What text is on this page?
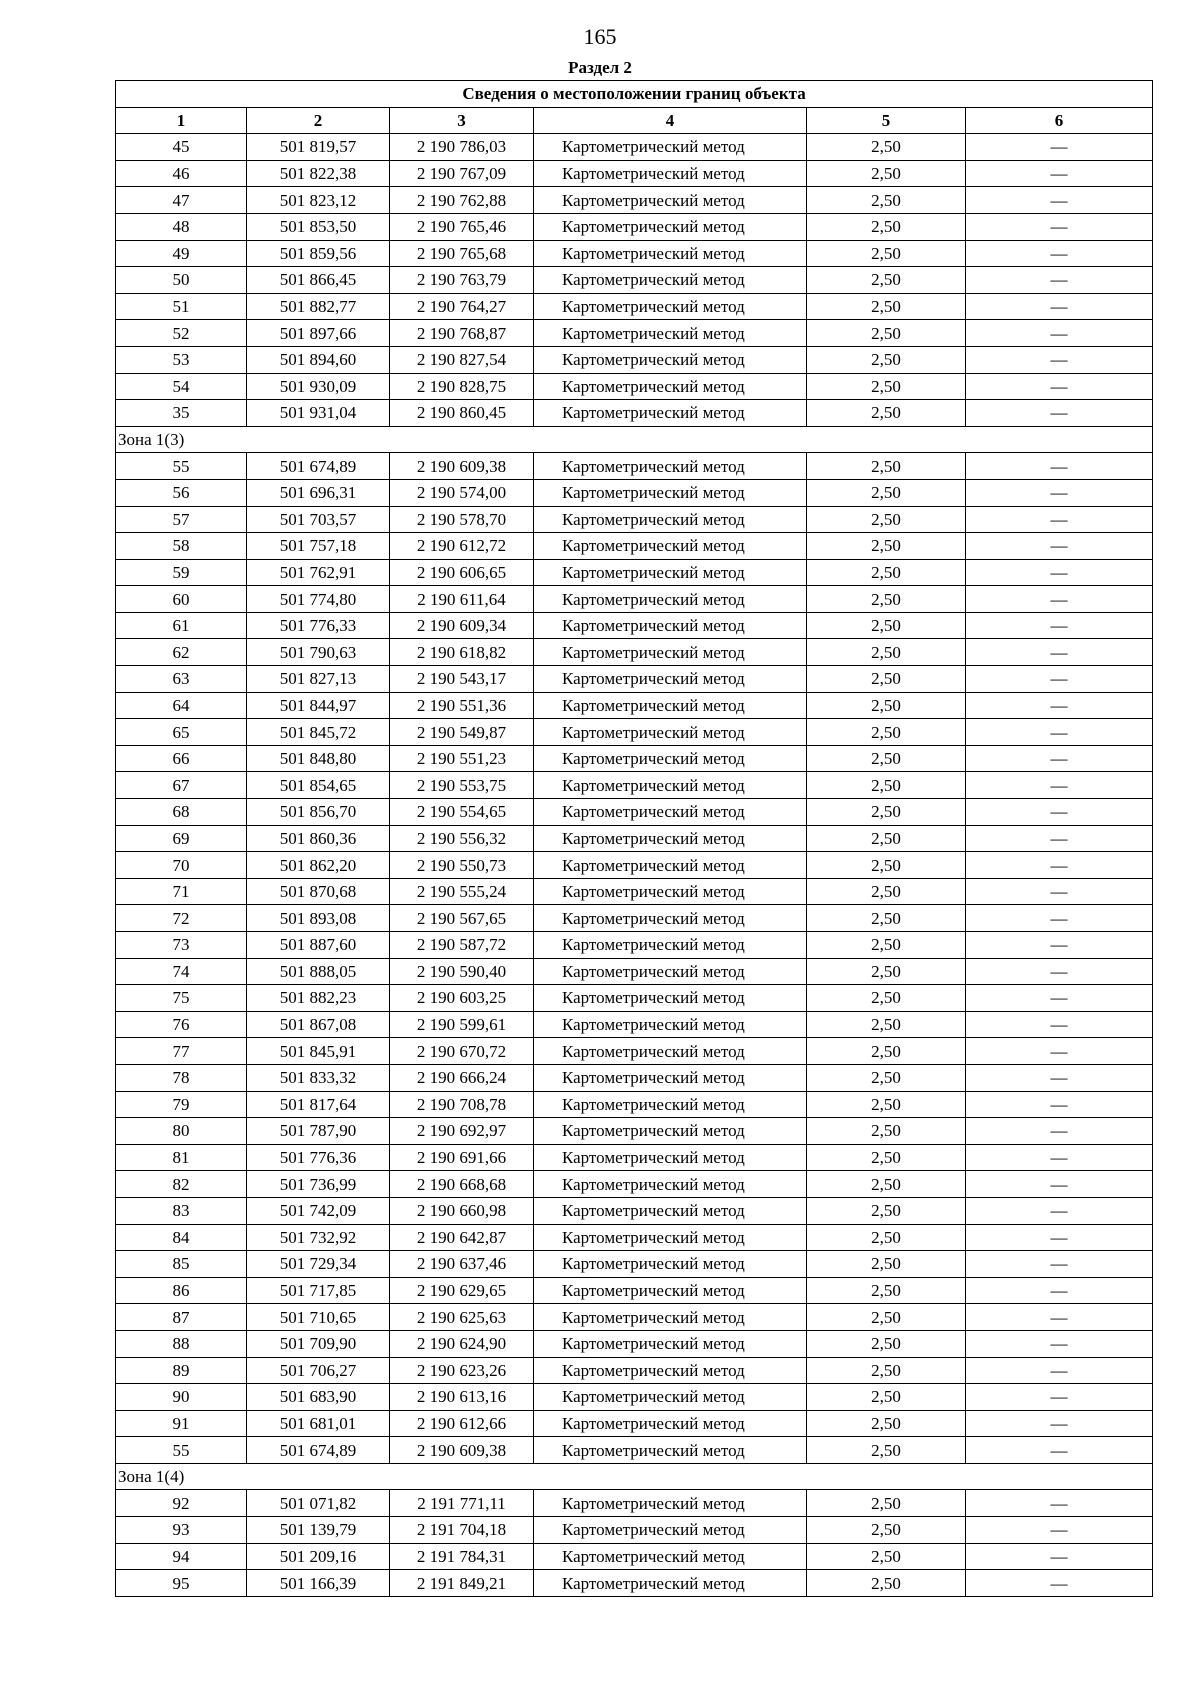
165
Раздел 2
Сведения о местоположении границ объекта					
1	2	3	4	5	6
45	501 819,57	2 190 786,03	Картометрический метод	2,50	—
46	501 822,38	2 190 767,09	Картометрический метод	2,50	—
47	501 823,12	2 190 762,88	Картометрический метод	2,50	—
48	501 853,50	2 190 765,46	Картометрический метод	2,50	—
49	501 859,56	2 190 765,68	Картометрический метод	2,50	—
50	501 866,45	2 190 763,79	Картометрический метод	2,50	—
51	501 882,77	2 190 764,27	Картометрический метод	2,50	—
52	501 897,66	2 190 768,87	Картометрический метод	2,50	—
53	501 894,60	2 190 827,54	Картометрический метод	2,50	—
54	501 930,09	2 190 828,75	Картометрический метод	2,50	—
35	501 931,04	2 190 860,45	Картометрический метод	2,50	—
Зона 1(3)					
55	501 674,89	2 190 609,38	Картометрический метод	2,50	—
56	501 696,31	2 190 574,00	Картометрический метод	2,50	—
57	501 703,57	2 190 578,70	Картометрический метод	2,50	—
58	501 757,18	2 190 612,72	Картометрический метод	2,50	—
59	501 762,91	2 190 606,65	Картометрический метод	2,50	—
60	501 774,80	2 190 611,64	Картометрический метод	2,50	—
61	501 776,33	2 190 609,34	Картометрический метод	2,50	—
62	501 790,63	2 190 618,82	Картометрический метод	2,50	—
63	501 827,13	2 190 543,17	Картометрический метод	2,50	—
64	501 844,97	2 190 551,36	Картометрический метод	2,50	—
65	501 845,72	2 190 549,87	Картометрический метод	2,50	—
66	501 848,80	2 190 551,23	Картометрический метод	2,50	—
67	501 854,65	2 190 553,75	Картометрический метод	2,50	—
68	501 856,70	2 190 554,65	Картометрический метод	2,50	—
69	501 860,36	2 190 556,32	Картометрический метод	2,50	—
70	501 862,20	2 190 550,73	Картометрический метод	2,50	—
71	501 870,68	2 190 555,24	Картометрический метод	2,50	—
72	501 893,08	2 190 567,65	Картометрический метод	2,50	—
73	501 887,60	2 190 587,72	Картометрический метод	2,50	—
74	501 888,05	2 190 590,40	Картометрический метод	2,50	—
75	501 882,23	2 190 603,25	Картометрический метод	2,50	—
76	501 867,08	2 190 599,61	Картометрический метод	2,50	—
77	501 845,91	2 190 670,72	Картометрический метод	2,50	—
78	501 833,32	2 190 666,24	Картометрический метод	2,50	—
79	501 817,64	2 190 708,78	Картометрический метод	2,50	—
80	501 787,90	2 190 692,97	Картометрический метод	2,50	—
81	501 776,36	2 190 691,66	Картометрический метод	2,50	—
82	501 736,99	2 190 668,68	Картометрический метод	2,50	—
83	501 742,09	2 190 660,98	Картометрический метод	2,50	—
84	501 732,92	2 190 642,87	Картометрический метод	2,50	—
85	501 729,34	2 190 637,46	Картометрический метод	2,50	—
86	501 717,85	2 190 629,65	Картометрический метод	2,50	—
87	501 710,65	2 190 625,63	Картометрический метод	2,50	—
88	501 709,90	2 190 624,90	Картометрический метод	2,50	—
89	501 706,27	2 190 623,26	Картометрический метод	2,50	—
90	501 683,90	2 190 613,16	Картометрический метод	2,50	—
91	501 681,01	2 190 612,66	Картометрический метод	2,50	—
55	501 674,89	2 190 609,38	Картометрический метод	2,50	—
Зона 1(4)					
92	501 071,82	2 191 771,11	Картометрический метод	2,50	—
93	501 139,79	2 191 704,18	Картометрический метод	2,50	—
94	501 209,16	2 191 784,31	Картометрический метод	2,50	—
95	501 166,39	2 191 849,21	Картометрический метод	2,50	—
